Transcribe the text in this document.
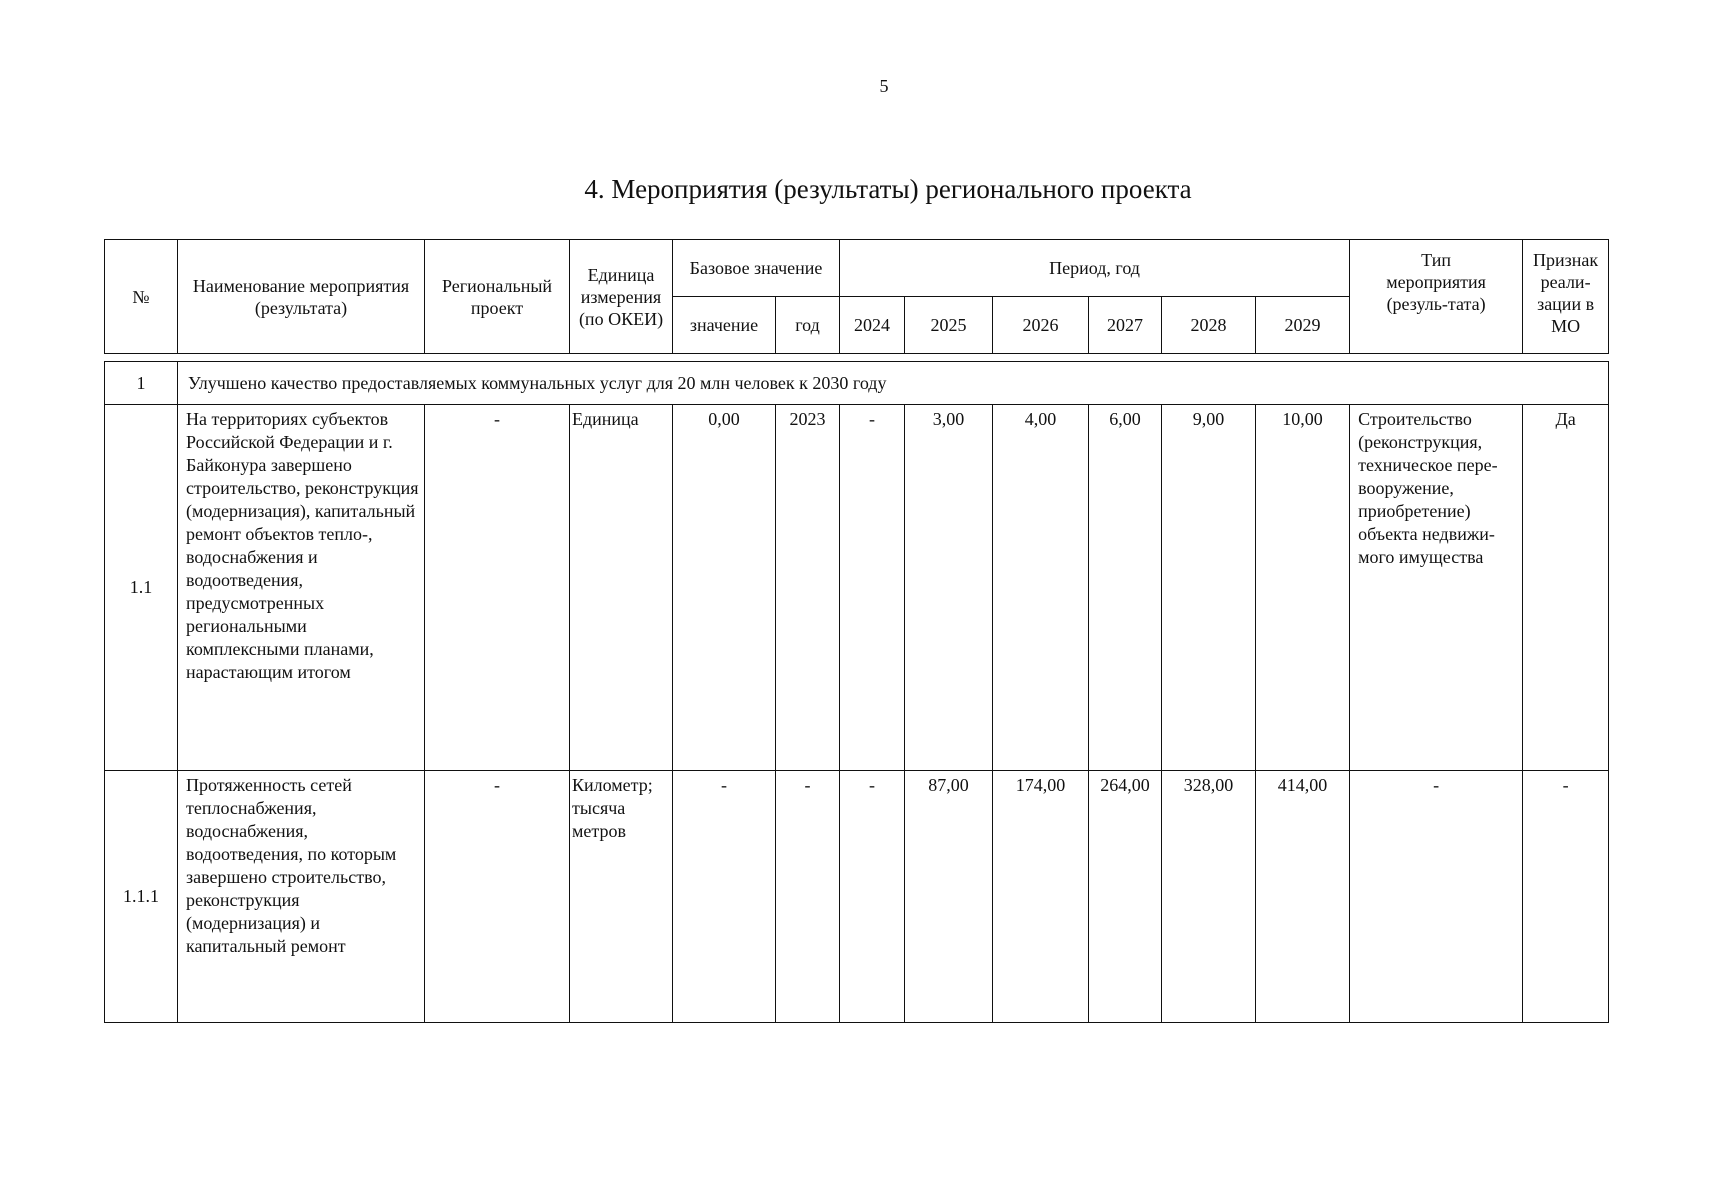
5
4. Мероприятия (результаты) регионального проекта
№	Наименование мероприятия (результата)	Региональный проект	Единица измерения (по ОКЕИ)	Базовое значение		Период, год						Тип мероприятия (резуль-тата)	Признак реали-зации в МО
				значение	год	2024	2025	2026	2027	2028	2029		

1	Улучшено качество предоставляемых коммунальных услуг для 20 млн человек к 2030 году												
1.1	На территориях субъектов Российской Федерации и г. Байконура завершено строительство, реконструкция (модернизация), капитальный ремонт объектов тепло-, водоснабжения и водоотведения, предусмотренных региональными комплексными планами, нарастающим итогом	-	Единица	0,00	2023	-	3,00	4,00	6,00	9,00	10,00	Строительство (реконструкция, техническое пере-вооружение, приобретение) объекта недвижи-мого имущества	Да
1.1.1	Протяженность сетей теплоснабжения, водоснабжения, водоотведения, по которым завершено строительство, реконструкция (модернизация) и капитальный ремонт	-	Километр; тысяча метров	-	-	-	87,00	174,00	264,00	328,00	414,00	-	-
